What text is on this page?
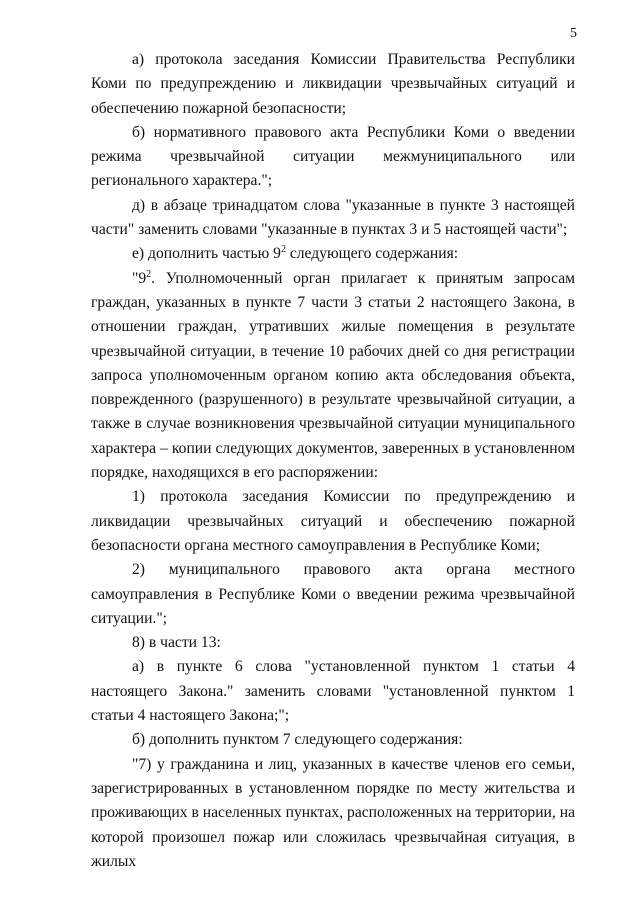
5

а) протокола заседания Комиссии Правительства Республики Коми по предупреждению и ликвидации чрезвычайных ситуаций и обеспечению пожарной безопасности;

б) нормативного правового акта Республики Коми о введении режима чрезвычайной ситуации межмуниципального или регионального характера.";

д) в абзаце тринадцатом слова "указанные в пункте 3 настоящей части" заменить словами "указанные в пунктах 3 и 5 настоящей части";

е) дополнить частью $9^2$ следующего содержания:

"$9^2$. Уполномоченный орган прилагает к принятым запросам граждан, указанных в пункте 7 части 3 статьи 2 настоящего Закона, в отношении граждан, утративших жилые помещения в результате чрезвычайной ситуации, в течение 10 рабочих дней со дня регистрации запроса уполномоченным органом копию акта обследования объекта, поврежденного (разрушенного) в результате чрезвычайной ситуации, а также в случае возникновения чрезвычайной ситуации муниципального характера – копии следующих документов, заверенных в установленном порядке, находящихся в его распоряжении:

1) протокола заседания Комиссии по предупреждению и ликвидации чрезвычайных ситуаций и обеспечению пожарной безопасности органа местного самоуправления в Республике Коми;

2) муниципального правового акта органа местного самоуправления в Республике Коми о введении режима чрезвычайной ситуации.";

8) в части 13:

а) в пункте 6 слова "установленной пунктом 1 статьи 4 настоящего Закона." заменить словами "установленной пунктом 1 статьи 4 настоящего Закона;";

б) дополнить пунктом 7 следующего содержания:

"7) у гражданина и лиц, указанных в качестве членов его семьи, зарегистрированных в установленном порядке по месту жительства и проживающих в населенных пунктах, расположенных на территории, на которой произошел пожар или сложилась чрезвычайная ситуация, в жилых
